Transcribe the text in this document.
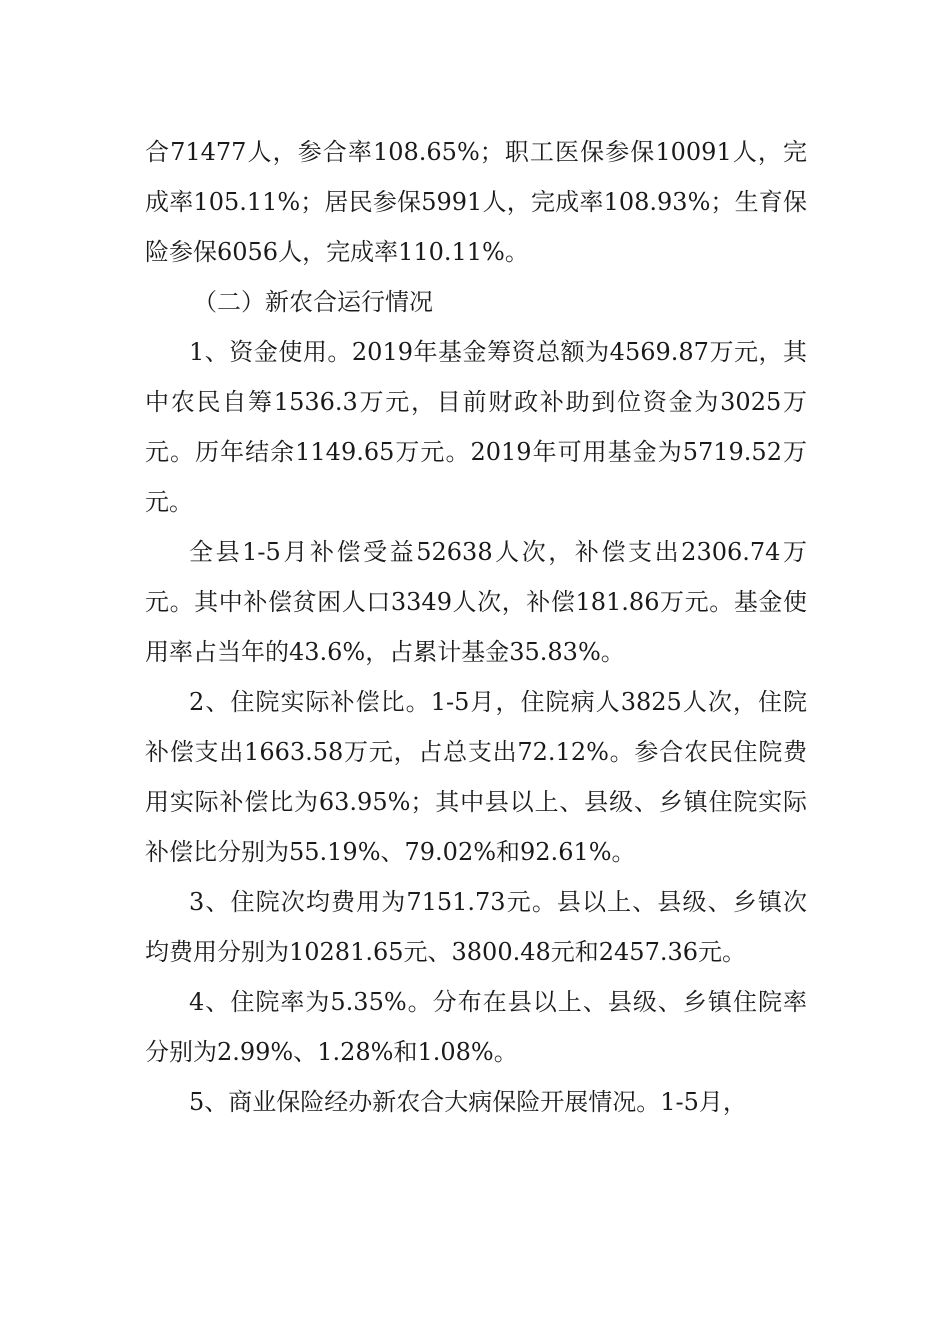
合71477人，参合率108.65%；职工医保参保10091人，完成率105.11%；居民参保5991人，完成率108.93%；生育保险参保6056人，完成率110.11%。

（二）新农合运行情况

1、资金使用。2019年基金筹资总额为4569.87万元，其中农民自筹1536.3万元，目前财政补助到位资金为3025万元。历年结余1149.65万元。2019年可用基金为5719.52万元。

全县1-5月补偿受益52638人次，补偿支出2306.74万元。其中补偿贫困人口3349人次，补偿181.86万元。基金使用率占当年的43.6%，占累计基金35.83%。

2、住院实际补偿比。1-5月，住院病人3825人次，住院补偿支出1663.58万元，占总支出72.12%。参合农民住院费用实际补偿比为63.95%；其中县以上、县级、乡镇住院实际补偿比分别为55.19%、79.02%和92.61%。

3、住院次均费用为7151.73元。县以上、县级、乡镇次均费用分别为10281.65元、3800.48元和2457.36元。

4、住院率为5.35%。分布在县以上、县级、乡镇住院率分别为2.99%、1.28%和1.08%。

5、商业保险经办新农合大病保险开展情况。1-5月，
